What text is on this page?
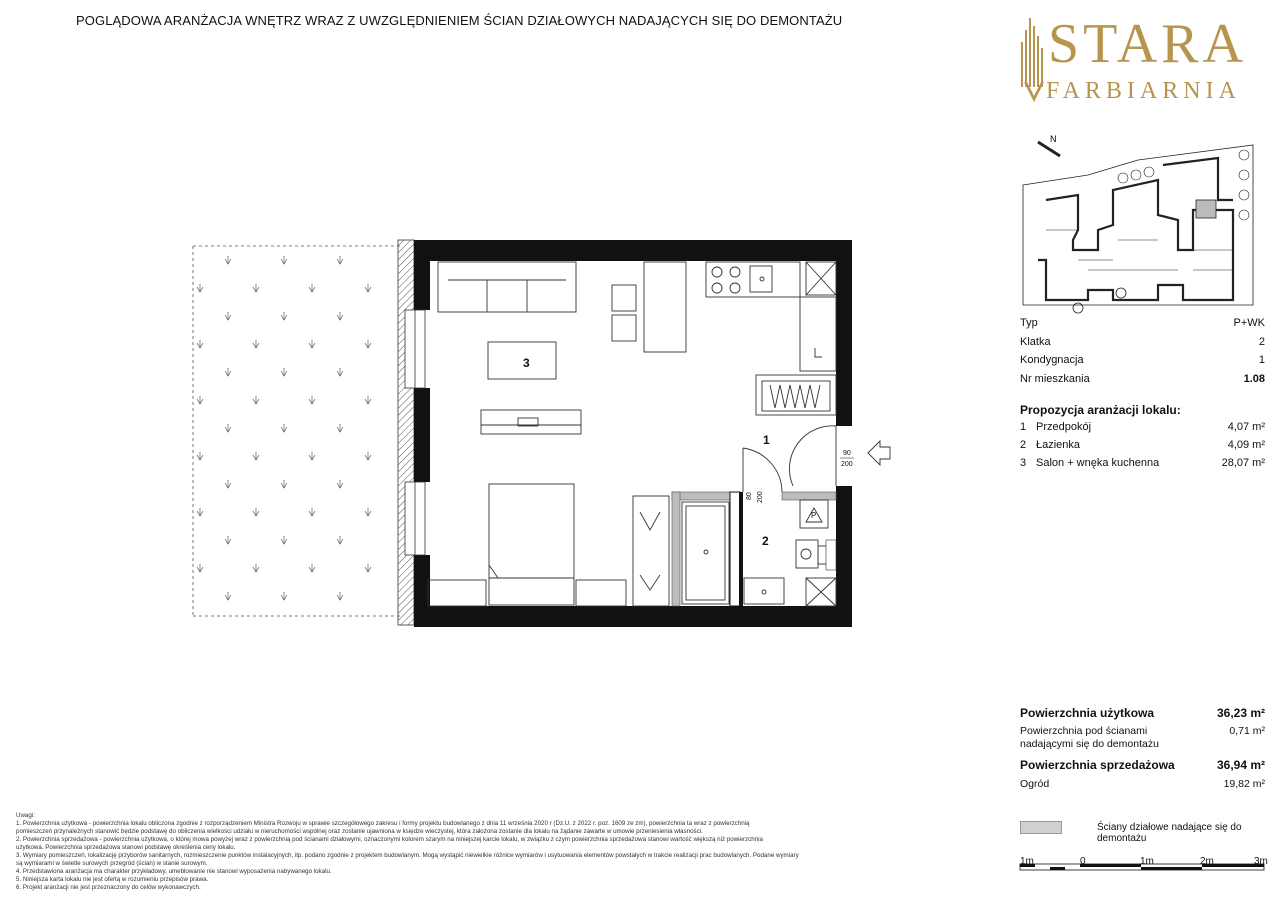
POGLĄDOWA ARANŻACJA WNĘTRZ WRAZ Z UWZGLĘDNIENIEM ŚCIAN DZIAŁOWYCH NADAJĄCYCH SIĘ DO DEMONTAŻU	STARA
FARBIARNIA
N
Typ	P+WK
Klatka	2
Kondygnacja	1
Nr mieszkania	1.08
Propozycja aranżacji lokalu:
1 Przedpokój	4,07 m²
2 Łazienka	4,09 m²
3 Salon + wnęka kuchenna	28,07 m²
3
1
2
90
200
80 200
P
Powierzchnia użytkowa	36,23 m²
Powierzchnia pod ścianami	0,71 m²
nadającymi się do demontażu
Powierzchnia sprzedażowa	36,94 m²
Ogród	19,82 m²
Ściany działowe nadające się do demontażu
1m	0	1m	2m	3m
Uwagi:
1. Powierzchnia użytkowa - powierzchnia lokalu obliczona zgodnie z rozporządzeniem Ministra Rozwoju w sprawie szczegółowego zakresu i formy projektu budowlanego z dnia 11 września 2020 r (Dz.U. z 2022 r. poz. 1609 ze zm), powierzchnia ta wraz z powierzchnią
pomieszczeń przynależnych stanowić będzie podstawę do obliczenia wielkości udziału w nieruchomości wspólnej oraz zostanie ujawniona w księdze wieczystej, która założona zostanie dla lokalu na żądanie zawarte w umowie przeniesienia własności.
2. Powierzchnia sprzedażowa - powierzchnia użytkowa, o której mowa powyżej wraz z powierzchnią pod ścianami działowymi, oznaczonymi kolorem szarym na niniejszej karcie lokalu, w związku z czym powierzchnia sprzedażowa stanowi wartość większą niż powierzchnia
użytkowa. Powierzchnia sprzedażowa stanowi podstawę określenia ceny lokalu.
3. Wymiary pomieszczeń, lokalizację przyborów sanitarnych, rozmieszczenie punktów instalacyjnych, itp. podano zgodnie z projektem budowlanym. Mogą wystąpić niewielkie różnice wymiarów i usytuowania elementów powstałych w trakcie realizacji prac budowlanych. Podane wymiary
są wymiarami w świetle surowych przegród (ścian) w stanie surowym.
4. Przedstawiona aranżacja ma charakter przykładowy, umeblowanie nie stanowi wyposażenia nabywanego lokalu.
5. Niniejsza karta lokalu nie jest ofertą w rozumieniu przepisów prawa.
6. Projekt aranżacji nie jest przeznaczony do celów wykonawczych.
